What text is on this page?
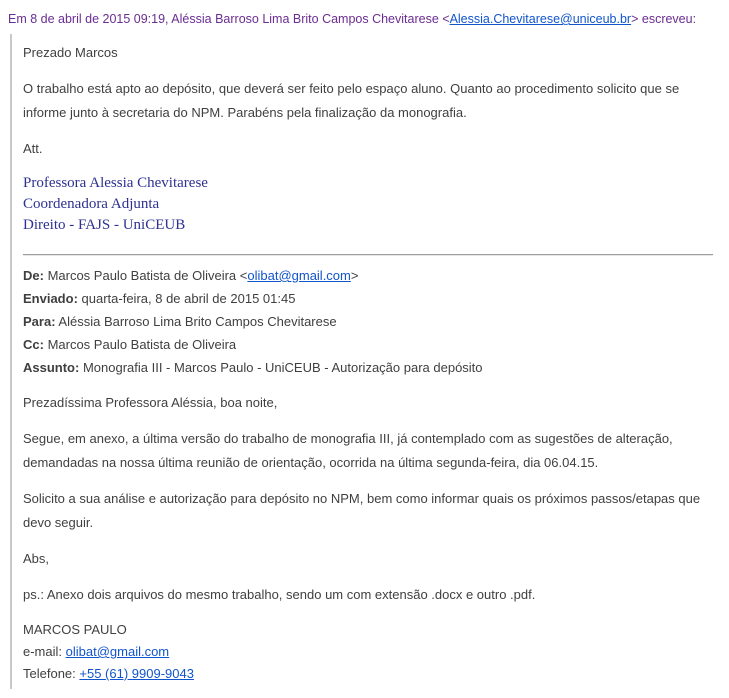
Em 8 de abril de 2015 09:19, Aléssia Barroso Lima Brito Campos Chevitarese <Alessia.Chevitarese@uniceub.br> escreveu:

Prezado Marcos

O trabalho está apto ao depósito, que deverá ser feito pelo espaço aluno. Quanto ao procedimento solicito que se informe junto à secretaria do NPM. Parabéns pela finalização da monografia.

Att.

Professora Alessia Chevitarese
Coordenadora Adjunta
Direito - FAJS - UniCEUB
De: Marcos Paulo Batista de Oliveira <olibat@gmail.com>
Enviado: quarta-feira, 8 de abril de 2015 01:45
Para: Aléssia Barroso Lima Brito Campos Chevitarese
Cc: Marcos Paulo Batista de Oliveira
Assunto: Monografia III - Marcos Paulo - UniCEUB - Autorização para depósito

Prezadíssima Professora Aléssia, boa noite,

Segue, em anexo, a última versão do trabalho de monografia III, já contemplado com as sugestões de alteração, demandadas na nossa última reunião de orientação, ocorrida na última segunda-feira, dia 06.04.15.

Solicito a sua análise e autorização para depósito no NPM, bem como informar quais os próximos passos/etapas que devo seguir.

Abs,

ps.: Anexo dois arquivos do mesmo trabalho, sendo um com extensão .docx e outro .pdf.

MARCOS PAULO
e-mail: olibat@gmail.com
Telefone: +55 (61) 9909-9043
